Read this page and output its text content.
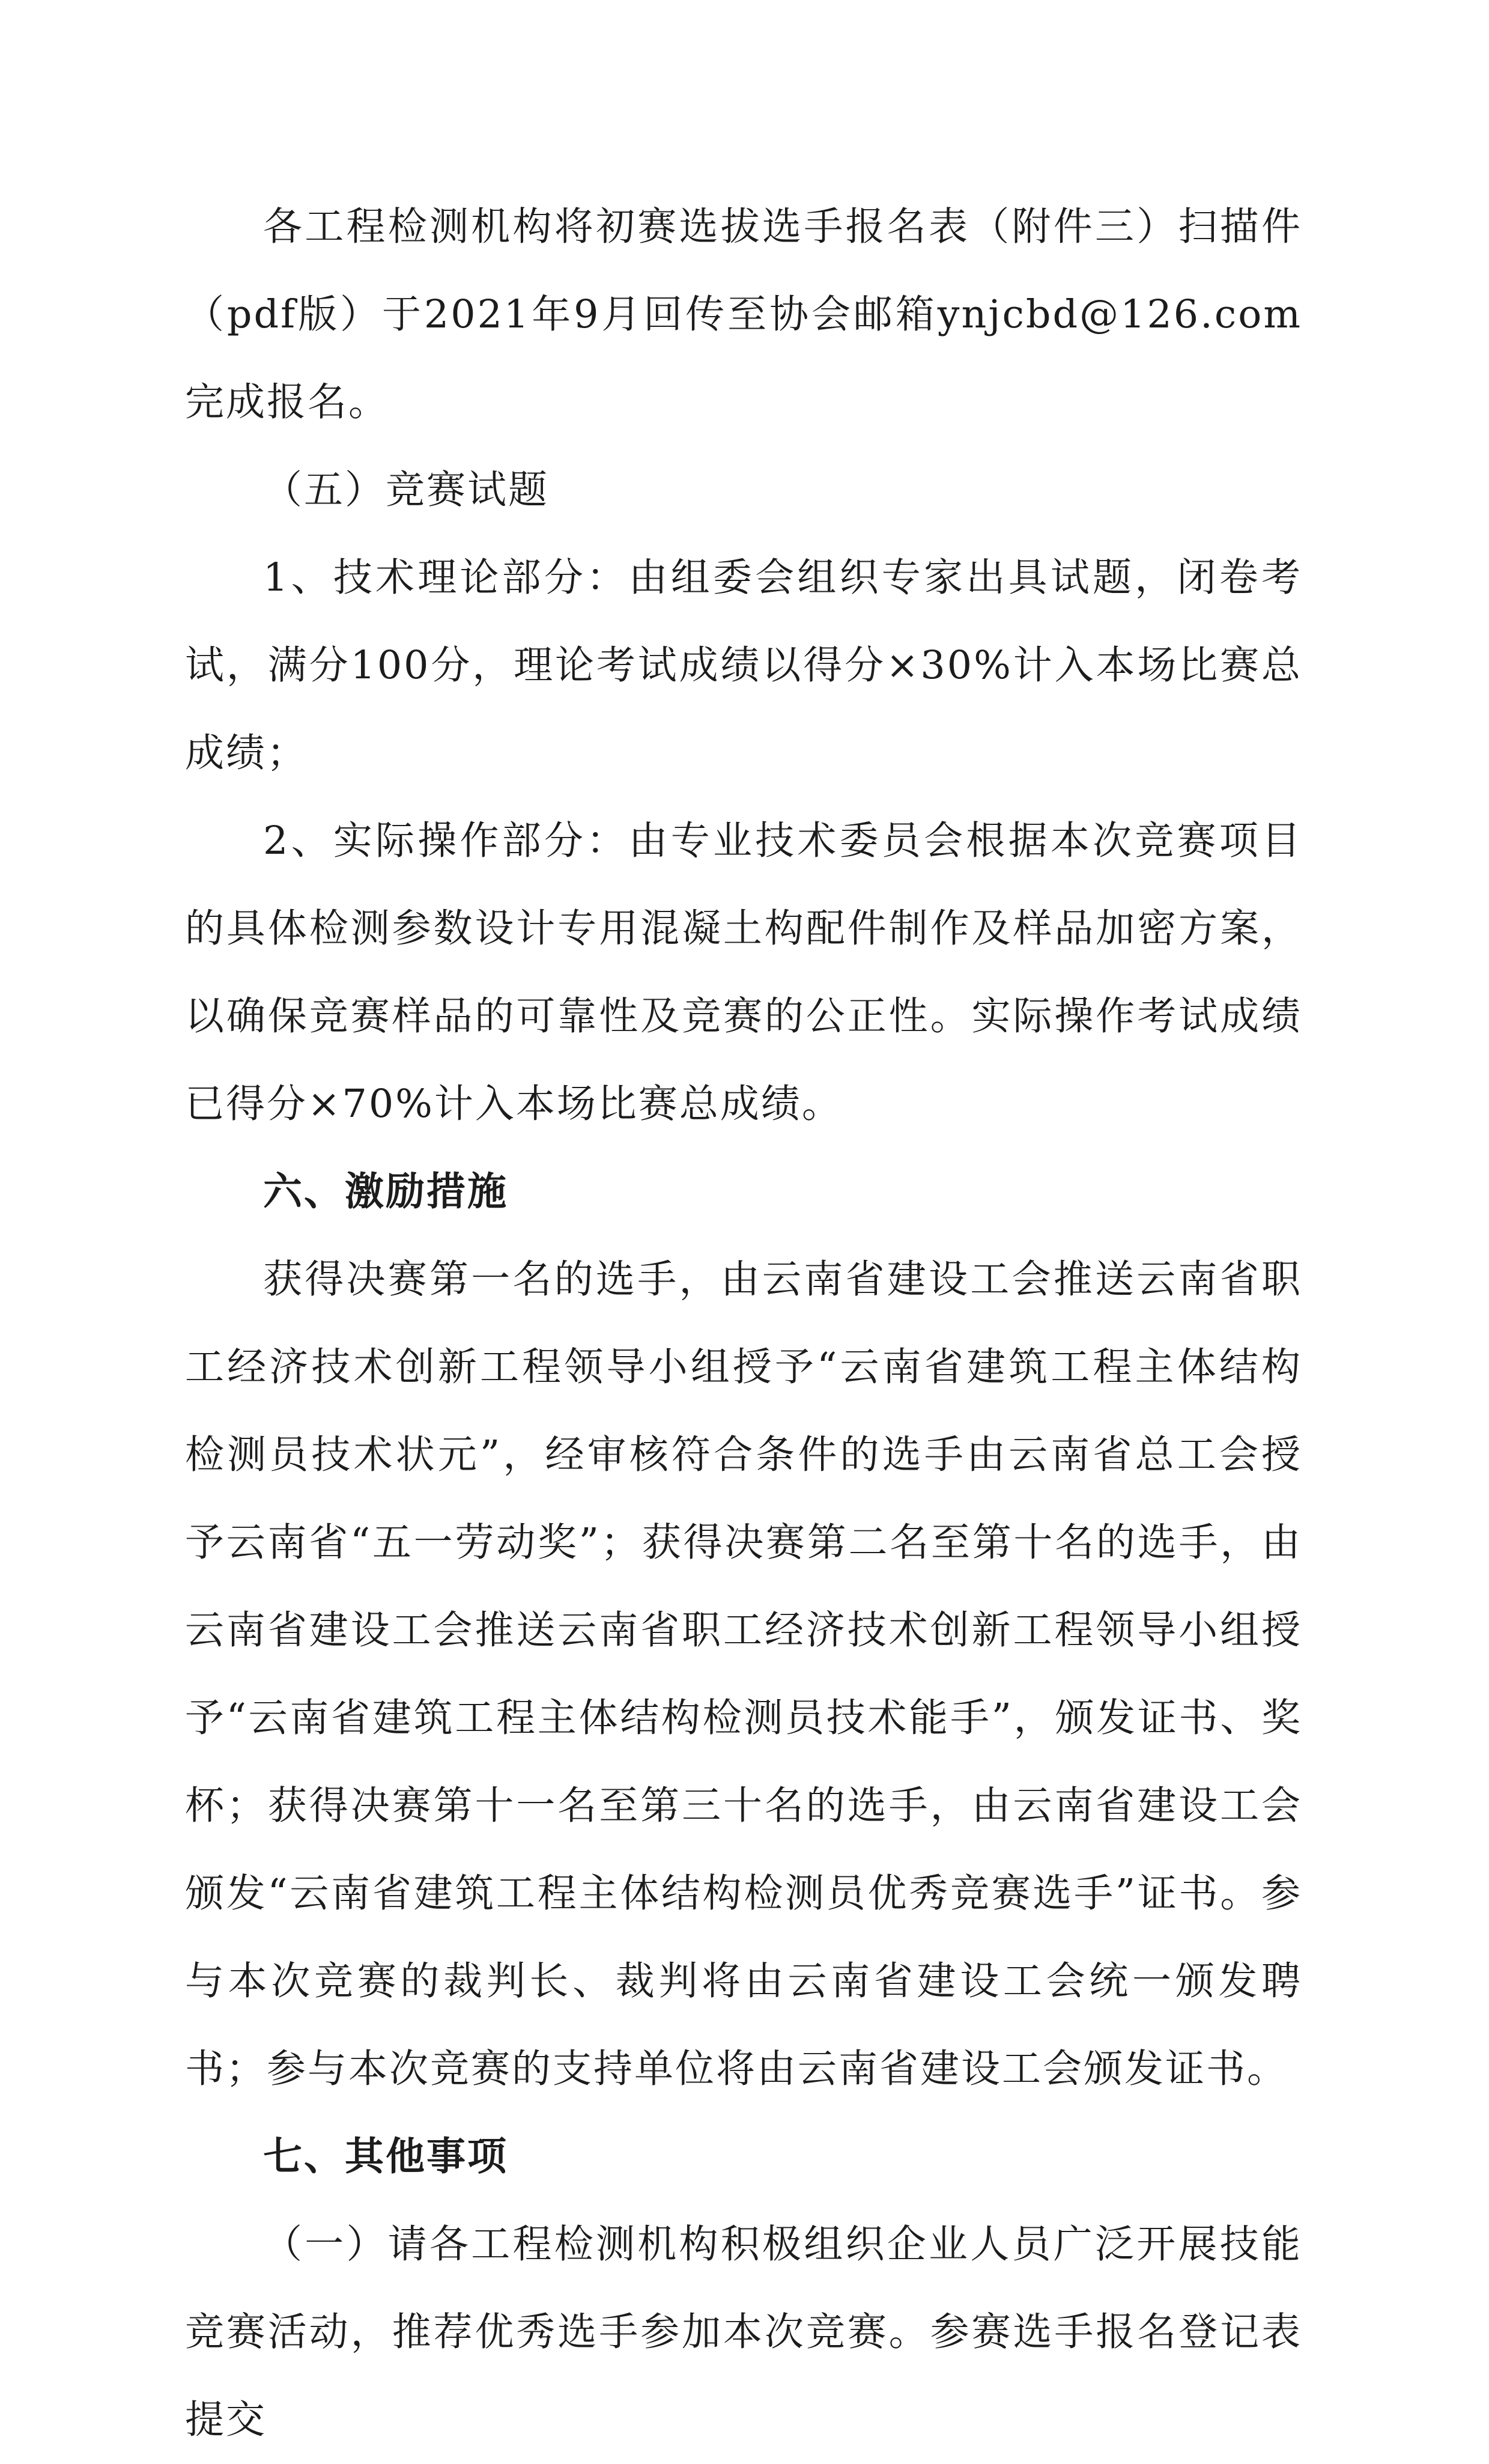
各工程检测机构将初赛选拔选手报名表（附件三）扫描件（pdf版）于2021年9月回传至协会邮箱ynjcbd@126.com完成报名。

（五）竞赛试题

1、技术理论部分：由组委会组织专家出具试题，闭卷考试，满分100分，理论考试成绩以得分×30%计入本场比赛总成绩；

2、实际操作部分：由专业技术委员会根据本次竞赛项目的具体检测参数设计专用混凝土构配件制作及样品加密方案，以确保竞赛样品的可靠性及竞赛的公正性。实际操作考试成绩已得分×70%计入本场比赛总成绩。

六、激励措施

获得决赛第一名的选手，由云南省建设工会推送云南省职工经济技术创新工程领导小组授予“云南省建筑工程主体结构检测员技术状元”，经审核符合条件的选手由云南省总工会授予云南省“五一劳动奖”；获得决赛第二名至第十名的选手，由云南省建设工会推送云南省职工经济技术创新工程领导小组授予“云南省建筑工程主体结构检测员技术能手”，颁发证书、奖杯；获得决赛第十一名至第三十名的选手，由云南省建设工会颁发“云南省建筑工程主体结构检测员优秀竞赛选手”证书。参与本次竞赛的裁判长、裁判将由云南省建设工会统一颁发聘书；参与本次竞赛的支持单位将由云南省建设工会颁发证书。

七、其他事项

（一）请各工程检测机构积极组织企业人员广泛开展技能竞赛活动，推荐优秀选手参加本次竞赛。参赛选手报名登记表提交
